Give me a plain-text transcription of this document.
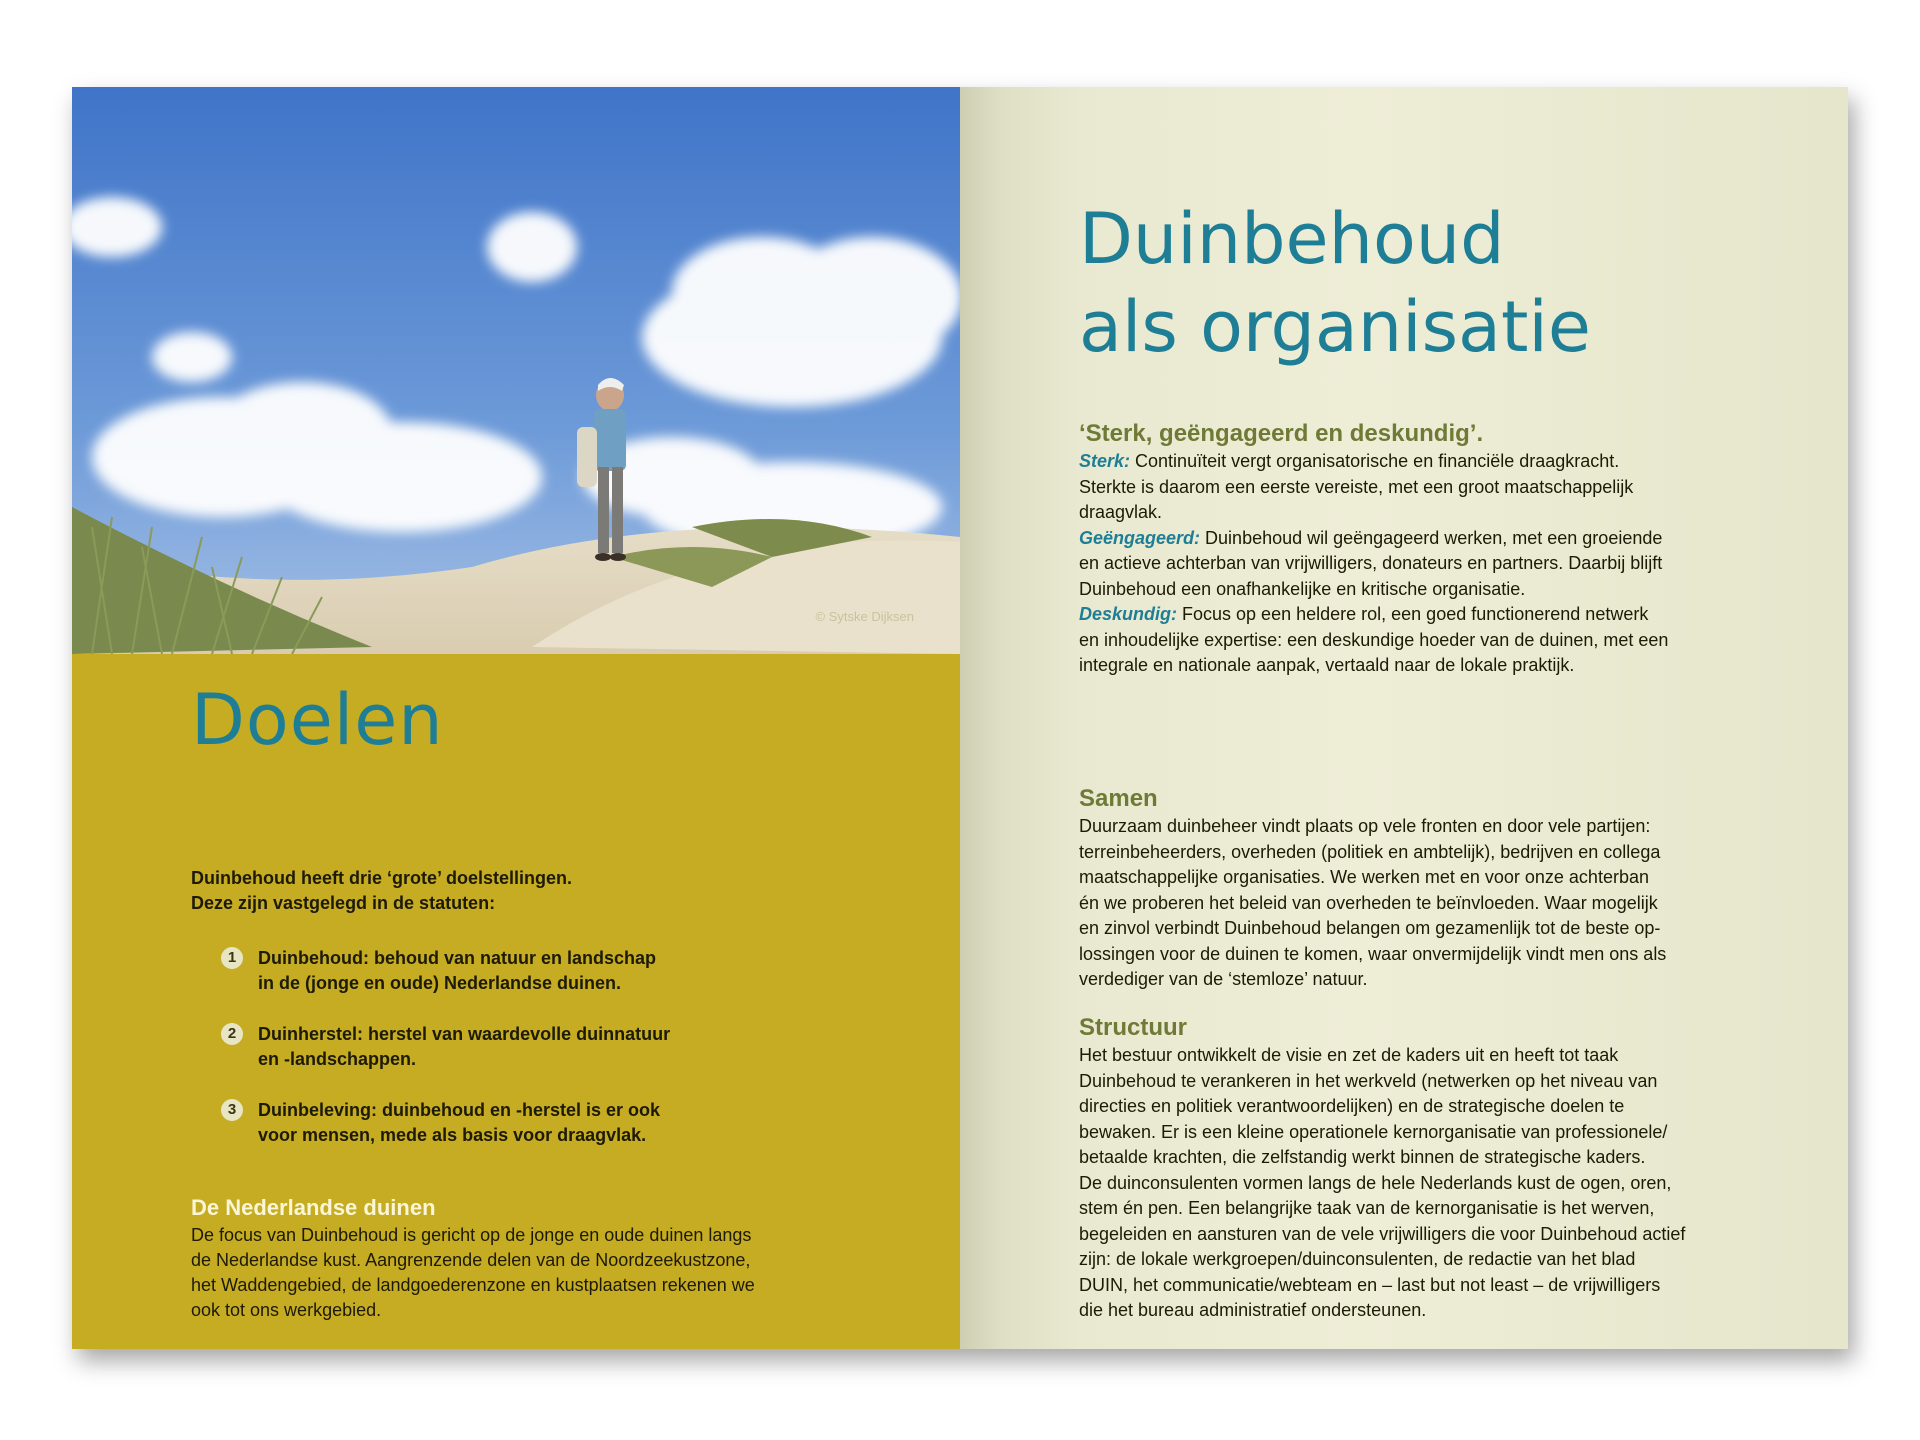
© Sytske Dijksen
Doelen
Duinbehoud heeft drie ‘grote’ doelstellingen.
Deze zijn vastgelegd in de statuten:
1	Duinbehoud: behoud van natuur en landschap
in de (jonge en oude) Nederlandse duinen.
2	Duinherstel: herstel van waardevolle duinnatuur
en -landschappen.
3	Duinbeleving: duinbehoud en -herstel is er ook
voor mensen, mede als basis voor draagvlak.
De Nederlandse duinen
De focus van Duinbehoud is gericht op de jonge en oude duinen langs
de Nederlandse kust. Aangrenzende delen van de Noordzeekustzone,
het Waddengebied, de landgoederenzone en kustplaatsen rekenen we
ook tot ons werkgebied.
Duinbehoud
als organisatie
‘Sterk, geëngageerd en deskundig’.
Sterk: Continuïteit vergt organisatorische en financiële draagkracht.
Sterkte is daarom een eerste vereiste, met een groot maatschappelijk
draagvlak.
Geëngageerd: Duinbehoud wil geëngageerd werken, met een groeiende
en actieve achterban van vrijwilligers, donateurs en partners. Daarbij blijft
Duinbehoud een onafhankelijke en kritische organisatie.
Deskundig: Focus op een heldere rol, een goed functionerend netwerk
en inhoudelijke expertise: een deskundige hoeder van de duinen, met een
integrale en nationale aanpak, vertaald naar de lokale praktijk.
Samen
Duurzaam duinbeheer vindt plaats op vele fronten en door vele partijen:
terreinbeheerders, overheden (politiek en ambtelijk), bedrijven en collega
maatschappelijke organisaties. We werken met en voor onze achterban
én we proberen het beleid van overheden te beïnvloeden. Waar mogelijk
en zinvol verbindt Duinbehoud belangen om gezamenlijk tot de beste op-
lossingen voor de duinen te komen, waar onvermijdelijk vindt men ons als
verdediger van de ‘stemloze’ natuur.
Structuur
Het bestuur ontwikkelt de visie en zet de kaders uit en heeft tot taak
Duinbehoud te verankeren in het werkveld (netwerken op het niveau van
directies en politiek verantwoordelijken) en de strategische doelen te
bewaken. Er is een kleine operationele kernorganisatie van professionele/
betaalde krachten, die zelfstandig werkt binnen de strategische kaders.
De duinconsulenten vormen langs de hele Nederlands kust de ogen, oren,
stem én pen. Een belangrijke taak van de kernorganisatie is het werven,
begeleiden en aansturen van de vele vrijwilligers die voor Duinbehoud actief
zijn: de lokale werkgroepen/duinconsulenten, de redactie van het blad
DUIN, het communicatie/webteam en – last but not least – de vrijwilligers
die het bureau administratief ondersteunen.
